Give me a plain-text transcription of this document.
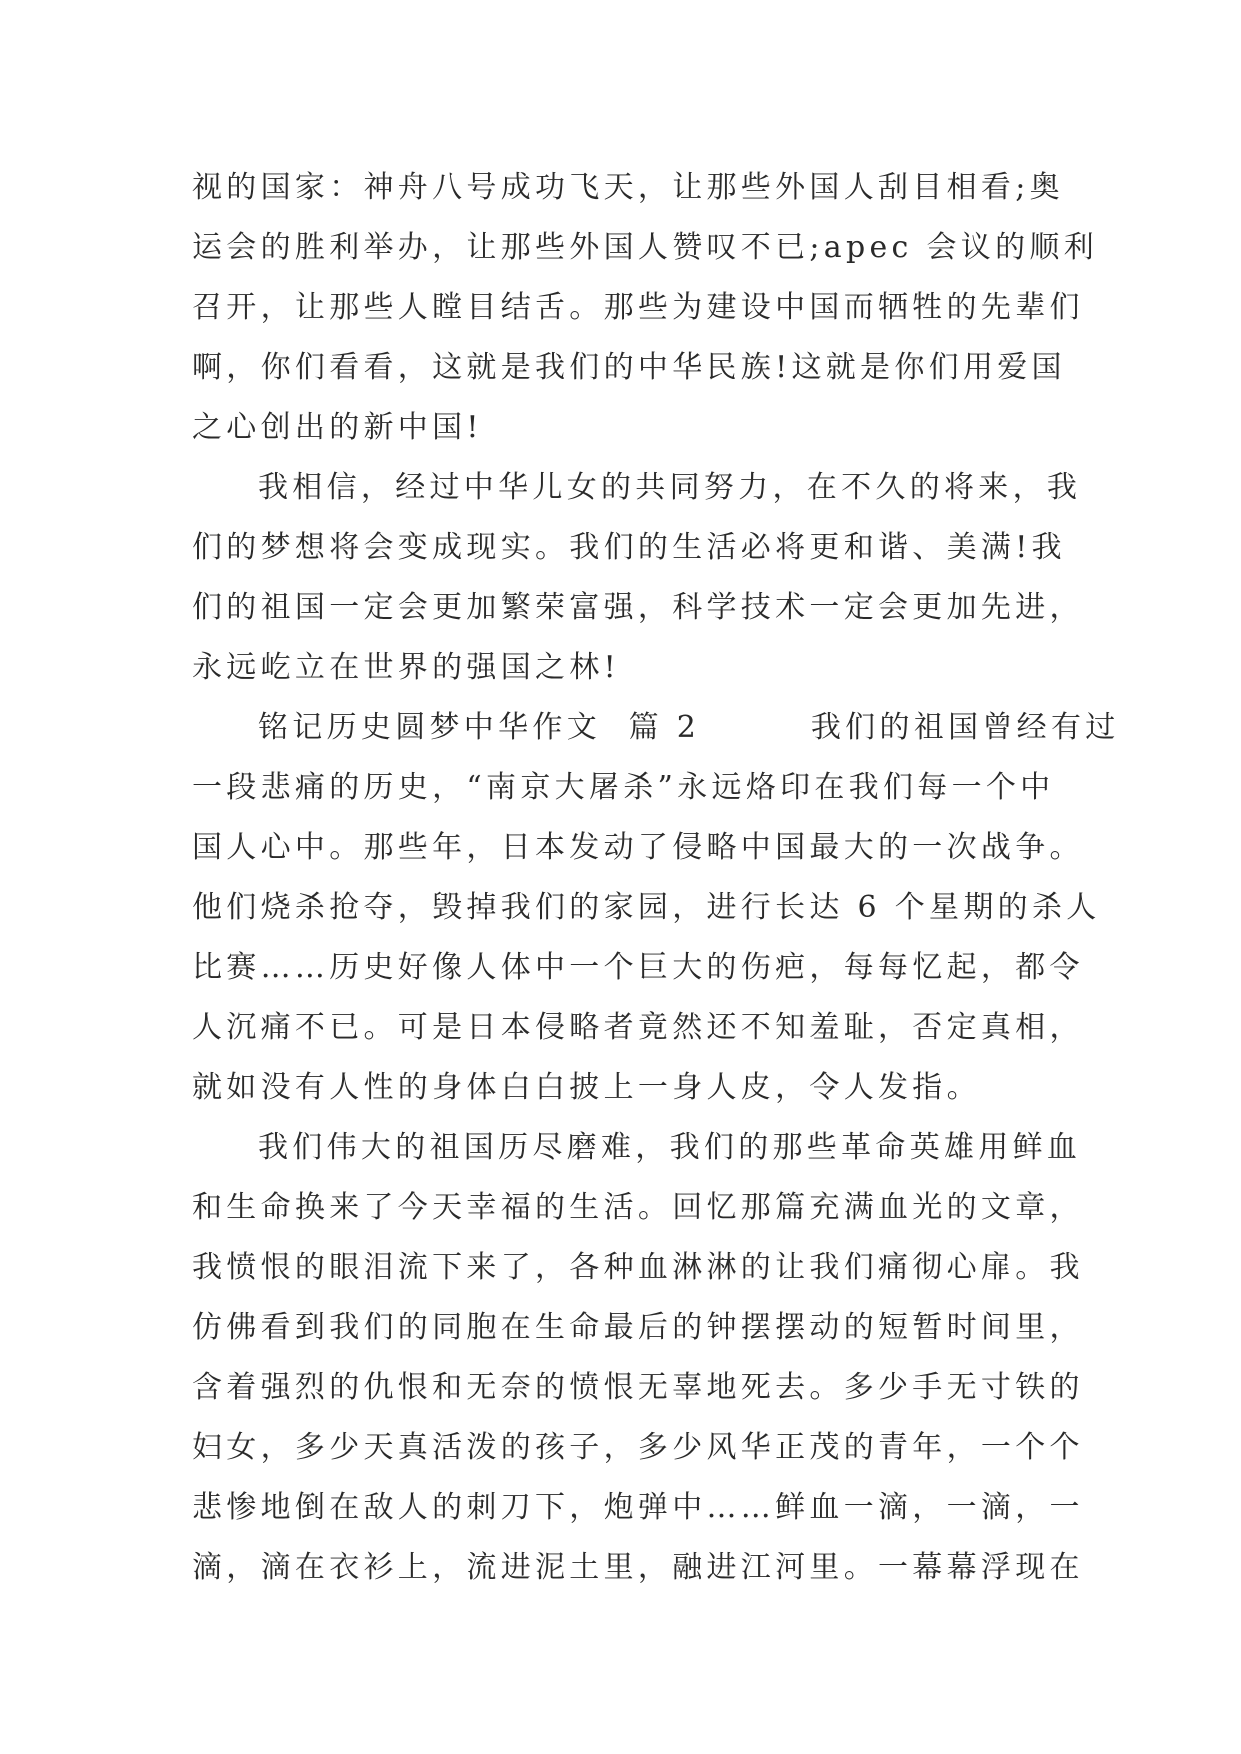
视的国家：神舟八号成功飞天，让那些外国人刮目相看;奥
运会的胜利举办，让那些外国人赞叹不已;apec 会议的顺利
召开，让那些人瞠目结舌。那些为建设中国而牺牲的先辈们
啊，你们看看，这就是我们的中华民族!这就是你们用爱国
之心创出的新中国!
我相信，经过中华儿女的共同努力，在不久的将来，我
们的梦想将会变成现实。我们的生活必将更和谐、美满!我
们的祖国一定会更加繁荣富强，科学技术一定会更加先进，
永远屹立在世界的强国之林!
铭记历史圆梦中华作文  篇 2        我们的祖国曾经有过
一段悲痛的历史，“南京大屠杀”永远烙印在我们每一个中
国人心中。那些年，日本发动了侵略中国最大的一次战争。
他们烧杀抢夺，毁掉我们的家园，进行长达 6 个星期的杀人
比赛……历史好像人体中一个巨大的伤疤，每每忆起，都令
人沉痛不已。可是日本侵略者竟然还不知羞耻，否定真相，
就如没有人性的身体白白披上一身人皮，令人发指。
我们伟大的祖国历尽磨难，我们的那些革命英雄用鲜血
和生命换来了今天幸福的生活。回忆那篇充满血光的文章，
我愤恨的眼泪流下来了，各种血淋淋的让我们痛彻心扉。我
仿佛看到我们的同胞在生命最后的钟摆摆动的短暂时间里，
含着强烈的仇恨和无奈的愤恨无辜地死去。多少手无寸铁的
妇女，多少天真活泼的孩子，多少风华正茂的青年，一个个
悲惨地倒在敌人的刺刀下，炮弹中……鲜血一滴，一滴，一
滴，滴在衣衫上，流进泥土里，融进江河里。一幕幕浮现在
